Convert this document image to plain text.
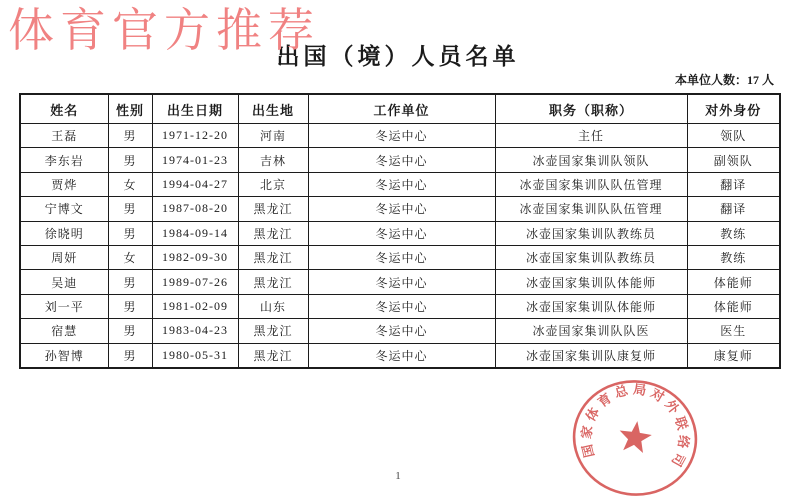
体育官方推荐
出国（境）人员名单
本单位人数：17 人
姓名	性别	出生日期	出生地	工作单位	职务（职称）	对外身份
王磊	男	1971-12-20	河南	冬运中心	主任	领队
李东岩	男	1974-01-23	吉林	冬运中心	冰壶国家集训队领队	副领队
贾烨	女	1994-04-27	北京	冬运中心	冰壶国家集训队队伍管理	翻译
宁博文	男	1987-08-20	黑龙江	冬运中心	冰壶国家集训队队伍管理	翻译
徐晓明	男	1984-09-14	黑龙江	冬运中心	冰壶国家集训队教练员	教练
周妍	女	1982-09-30	黑龙江	冬运中心	冰壶国家集训队教练员	教练
吴迪	男	1989-07-26	黑龙江	冬运中心	冰壶国家集训队体能师	体能师
刘一平	男	1981-02-09	山东	冬运中心	冰壶国家集训队体能师	体能师
宿慧	男	1983-04-23	黑龙江	冬运中心	冰壶国家集训队队医	医生
孙智博	男	1980-05-31	黑龙江	冬运中心	冰壶国家集训队康复师	康复师
国家体育总局对外联络司
1
